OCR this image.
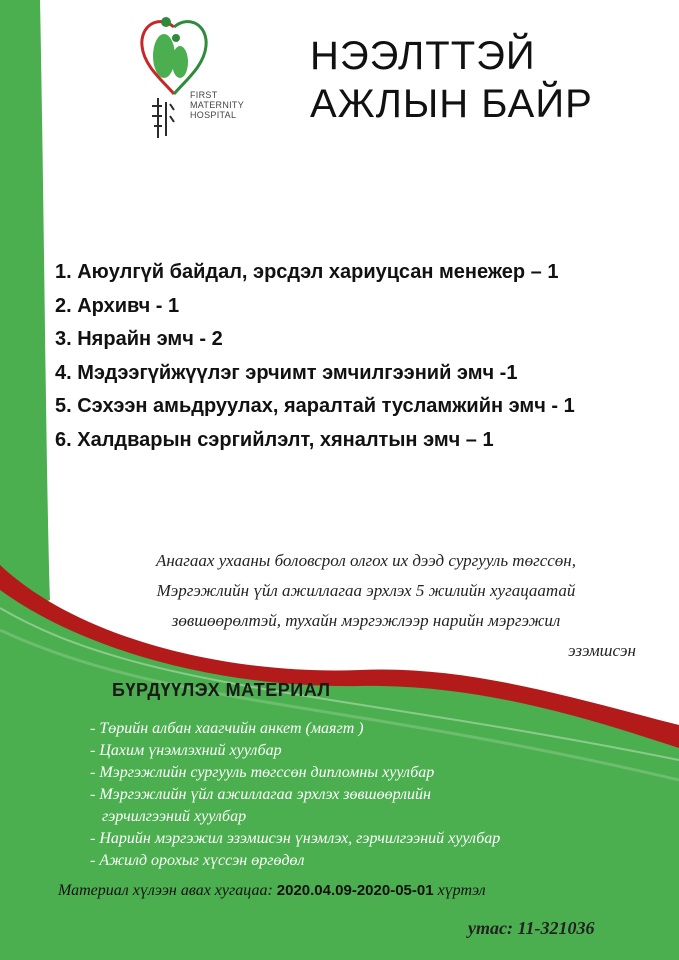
FIRST
MATERNITY
HOSPITAL
НЭЭЛТТЭЙ
АЖЛЫН БАЙР
1. Аюулгүй байдал, эрсдэл хариуцсан менежер – 1
2. Архивч - 1
3. Нярайн эмч - 2
4. Мэдээгүйжүүлэг эрчимт эмчилгээний эмч -1
5. Сэхээн амьдруулах, яаралтай тусламжийн эмч - 1
6. Халдварын сэргийлэлт, хяналтын эмч – 1
Анагаах ухааны боловсрол олгох их дээд сургууль төгссөн,
Мэргэжлийн үйл ажиллагаа эрхлэх 5 жилийн хугацаатай
зөвшөөрөлтэй, тухайн мэргэжлээр нарийн мэргэжил
эзэмшсэн
БҮРДҮҮЛЭХ МАТЕРИАЛ
- Төрийн албан хаагчийн анкет (маягт )
- Цахим үнэмлэхний хуулбар
- Мэргэжлийн сургууль төгссөн дипломны хуулбар
- Мэргэжлийн үйл ажиллагаа эрхлэх зөвшөөрлийн
гэрчилгээний хуулбар
- Нарийн мэргэжил эзэмшсэн үнэмлэх, гэрчилгээний хуулбар
- Ажилд орохыг хүссэн өргөдөл
Материал хүлээн авах хугацаа: 2020.04.09-2020-05-01 хүртэл
утас: 11-321036
